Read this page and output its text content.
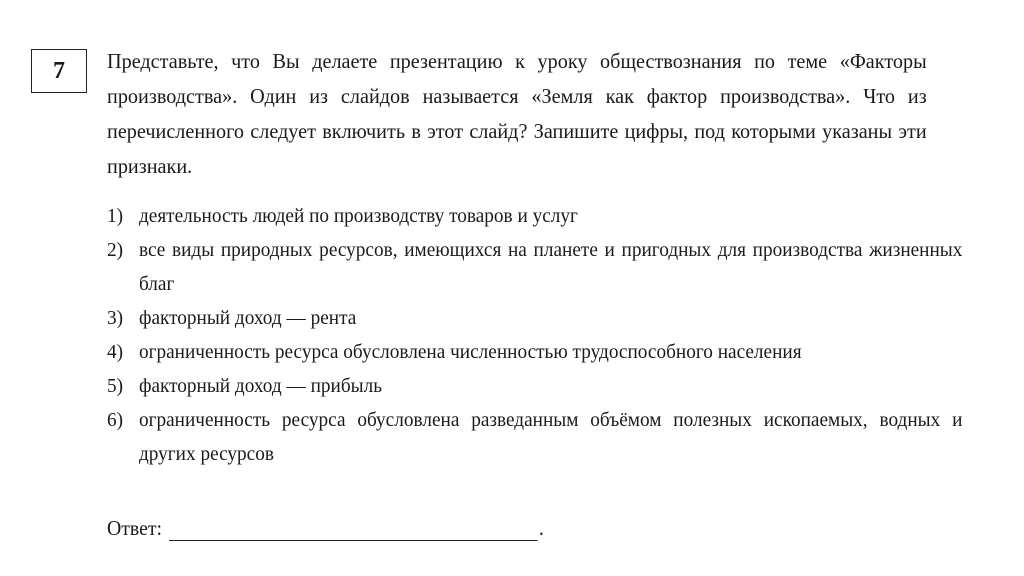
7 Представьте, что Вы делаете презентацию к уроку обществознания по теме «Факторы производства». Один из слайдов называется «Земля как фактор производства». Что из перечисленного следует включить в этот слайд? Запишите цифры, под которыми указаны эти признаки.

1) деятельность людей по производству товаров и услуг
2) все виды природных ресурсов, имеющихся на планете и пригодных для производства жизненных благ
3) факторный доход — рента
4) ограниченность ресурса обусловлена численностью трудоспособного населения
5) факторный доход — прибыль
6) ограниченность ресурса обусловлена разведанным объёмом полезных ископаемых, водных и других ресурсов
Ответ:	.
